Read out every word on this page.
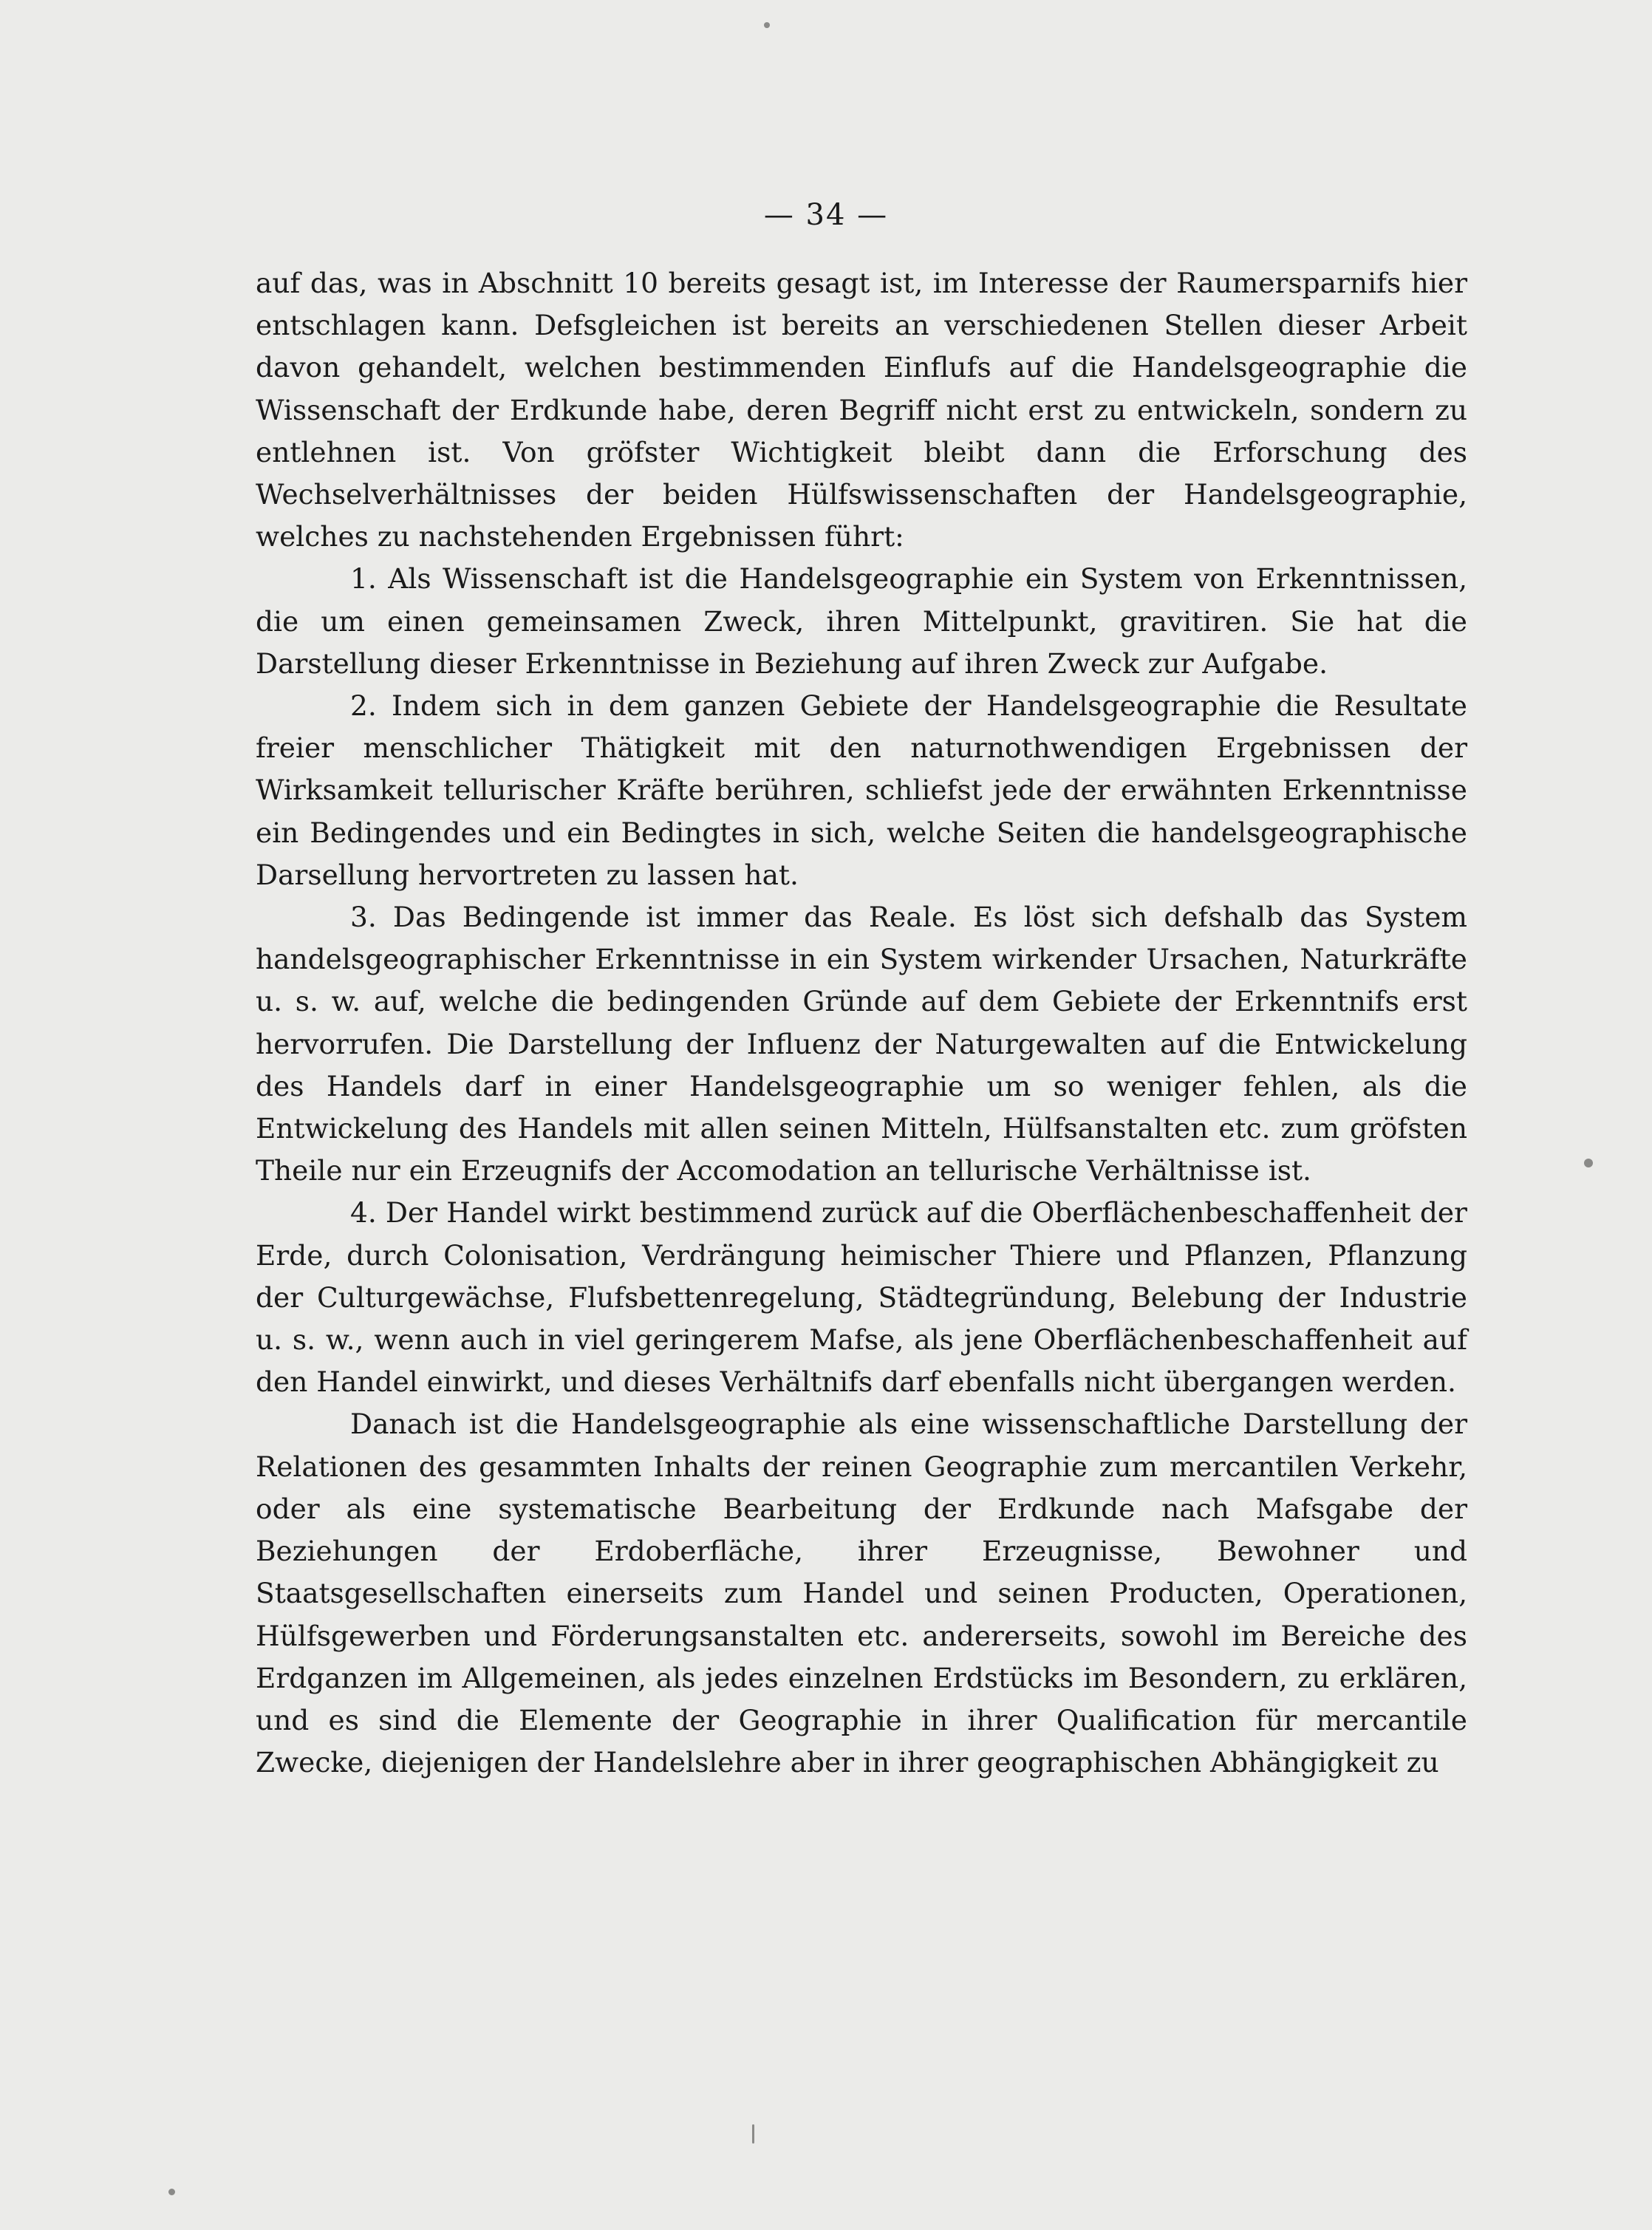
— 34 —

auf das, was in Abschnitt 10 bereits gesagt ist, im Interesse der Raumersparnifs hier entschlagen kann. Defsgleichen ist bereits an verschiedenen Stellen dieser Arbeit davon gehandelt, welchen bestimmenden Einflufs auf die Handelsgeographie die Wissenschaft der Erdkunde habe, deren Begriff nicht erst zu entwickeln, sondern zu entlehnen ist. Von gröfster Wichtigkeit bleibt dann die Erforschung des Wechselverhältnisses der beiden Hülfswissenschaften der Handelsgeographie, welches zu nachstehenden Ergebnissen führt:

1. Als Wissenschaft ist die Handelsgeographie ein System von Erkenntnissen, die um einen gemeinsamen Zweck, ihren Mittelpunkt, gravitiren. Sie hat die Darstellung dieser Erkenntnisse in Beziehung auf ihren Zweck zur Aufgabe.

2. Indem sich in dem ganzen Gebiete der Handelsgeographie die Resultate freier menschlicher Thätigkeit mit den naturnothwendigen Ergebnissen der Wirksamkeit tellurischer Kräfte berühren, schliefst jede der erwähnten Erkenntnisse ein Bedingendes und ein Bedingtes in sich, welche Seiten die handelsgeographische Darsellung hervortreten zu lassen hat.

3. Das Bedingende ist immer das Reale. Es löst sich defshalb das System handelsgeographischer Erkenntnisse in ein System wirkender Ursachen, Naturkräfte u. s. w. auf, welche die bedingenden Gründe auf dem Gebiete der Erkenntnifs erst hervorrufen. Die Darstellung der Influenz der Naturgewalten auf die Entwickelung des Handels darf in einer Handelsgeographie um so weniger fehlen, als die Entwickelung des Handels mit allen seinen Mitteln, Hülfsanstalten etc. zum gröfsten Theile nur ein Erzeugnifs der Accomodation an tellurische Verhältnisse ist.

4. Der Handel wirkt bestimmend zurück auf die Oberflächenbeschaffenheit der Erde, durch Colonisation, Verdrängung heimischer Thiere und Pflanzen, Pflanzung der Culturgewächse, Flufsbettenregelung, Städtegründung, Belebung der Industrie u. s. w., wenn auch in viel geringerem Mafse, als jene Oberflächenbeschaffenheit auf den Handel einwirkt, und dieses Verhältnifs darf ebenfalls nicht übergangen werden.

Danach ist die Handelsgeographie als eine wissenschaftliche Darstellung der Relationen des gesammten Inhalts der reinen Geographie zum mercantilen Verkehr, oder als eine systematische Bearbeitung der Erdkunde nach Mafsgabe der Beziehungen der Erdoberfläche, ihrer Erzeugnisse, Bewohner und Staatsgesellschaften einerseits zum Handel und seinen Producten, Operationen, Hülfsgewerben und Förderungsanstalten etc. andererseits, sowohl im Bereiche des Erdganzen im Allgemeinen, als jedes einzelnen Erdstücks im Besondern, zu erklären, und es sind die Elemente der Geographie in ihrer Qualification für mercantile Zwecke, diejenigen der Handelslehre aber in ihrer geographischen Abhängigkeit zu
